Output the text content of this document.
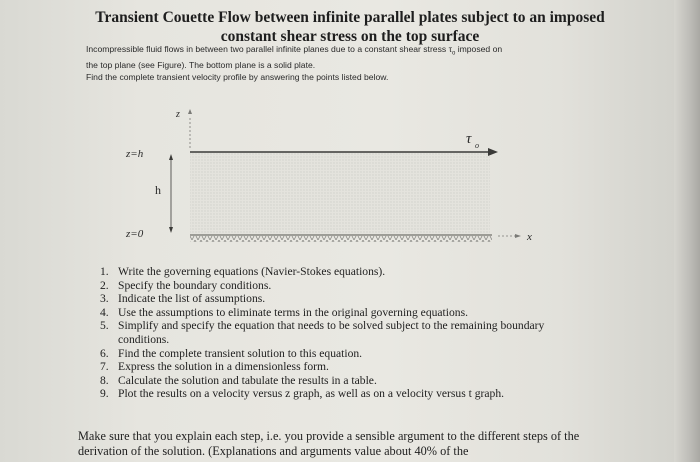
Transient Couette Flow between infinite parallel plates subject to an imposed constant shear stress on the top surface

Incompressible fluid flows in between two parallel infinite planes due to a constant shear stress $\tau_o$ imposed on

the top plane (see Figure). The bottom plane is a solid plate.

Find the complete transient velocity profile by answering the points listed below.

z
τ o
z=h
z=0
h
x
1. Write the governing equations (Navier-Stokes equations).
2. Specify the boundary conditions.
3. Indicate the list of assumptions.
4. Use the assumptions to eliminate terms in the original governing equations.
5. Simplify and specify the equation that needs to be solved subject to the remaining boundary conditions.
6. Find the complete transient solution to this equation.
7. Express the solution in a dimensionless form.
8. Calculate the solution and tabulate the results in a table.
9. Plot the results on a velocity versus z graph, as well as on a velocity versus t graph.
Make sure that you explain each step, i.e. you provide a sensible argument to the different steps of the derivation of the solution. (Explanations and arguments value about 40% of the
